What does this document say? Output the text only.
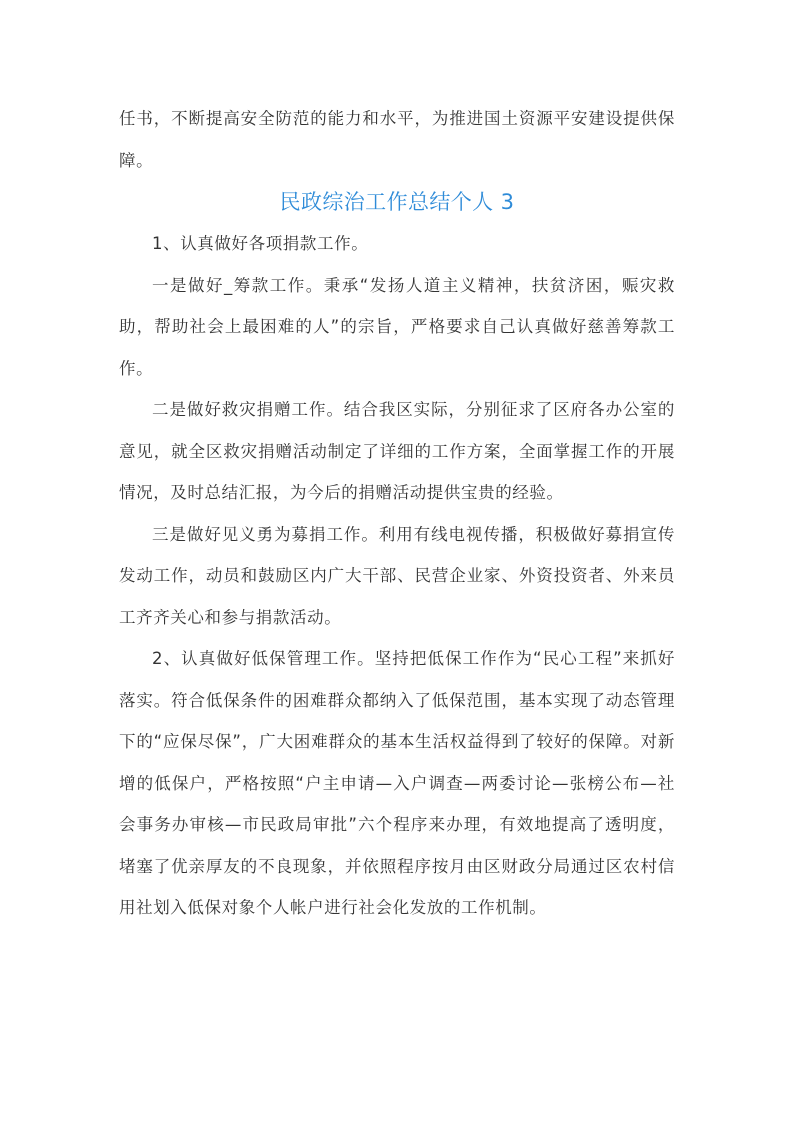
任书，不断提高安全防范的能力和水平，为推进国土资源平安建设提供保障。

民政综治工作总结个人 3

1、认真做好各项捐款工作。

一是做好_筹款工作。秉承“发扬人道主义精神，扶贫济困，赈灾救助，帮助社会上最困难的人”的宗旨，严格要求自己认真做好慈善筹款工作。

二是做好救灾捐赠工作。结合我区实际，分别征求了区府各办公室的意见，就全区救灾捐赠活动制定了详细的工作方案，全面掌握工作的开展情况，及时总结汇报，为今后的捐赠活动提供宝贵的经验。

三是做好见义勇为募捐工作。利用有线电视传播，积极做好募捐宣传发动工作，动员和鼓励区内广大干部、民营企业家、外资投资者、外来员工齐齐关心和参与捐款活动。

2、认真做好低保管理工作。坚持把低保工作作为“民心工程”来抓好落实。符合低保条件的困难群众都纳入了低保范围，基本实现了动态管理下的“应保尽保”，广大困难群众的基本生活权益得到了较好的保障。对新增的低保户，严格按照“户主申请—入户调查—两委讨论—张榜公布—社会事务办审核—市民政局审批”六个程序来办理，有效地提高了透明度，堵塞了优亲厚友的不良现象，并依照程序按月由区财政分局通过区农村信用社划入低保对象个人帐户进行社会化发放的工作机制。
